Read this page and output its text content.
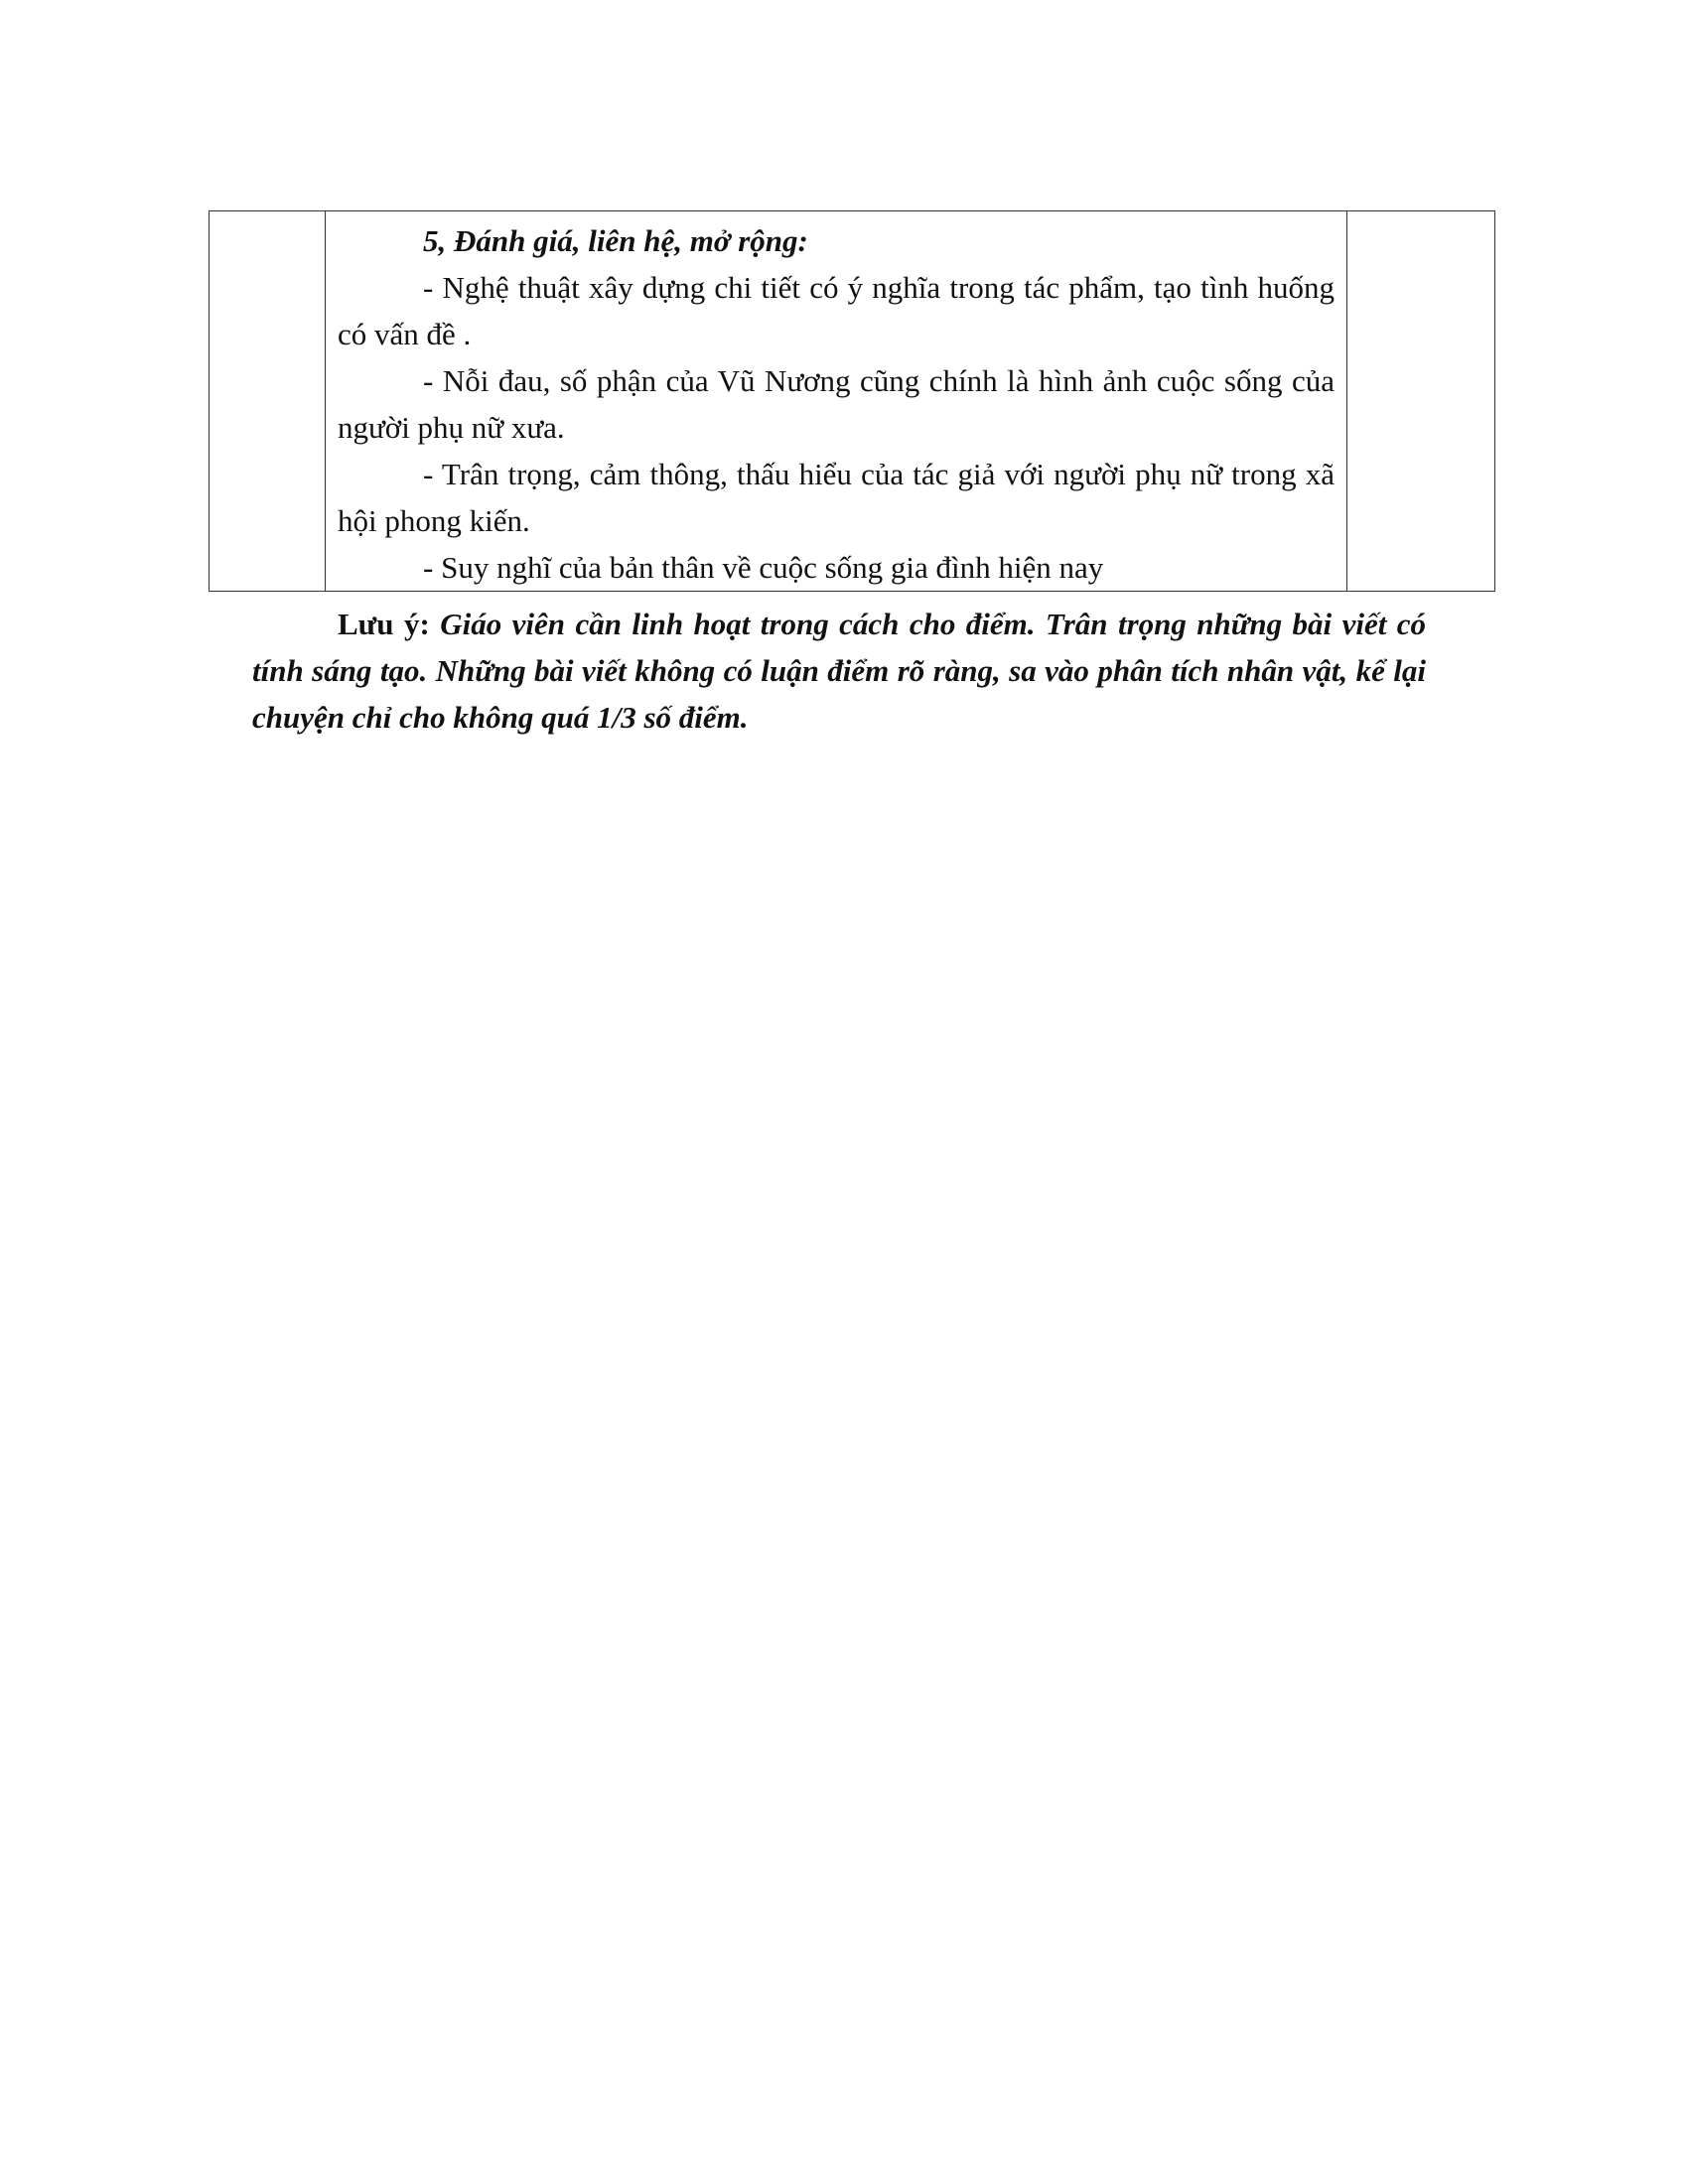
5, Đánh giá, liên hệ, mở rộng:

- Nghệ thuật xây dựng chi tiết có ý nghĩa trong tác phẩm, tạo tình huống có vấn đề .

- Nỗi đau, số phận của Vũ Nương cũng chính là hình ảnh cuộc sống của người phụ nữ xưa.

- Trân trọng, cảm thông, thấu hiểu của tác giả với người phụ nữ trong xã hội phong kiến.

- Suy nghĩ của bản thân về cuộc sống gia đình hiện nay

Lưu ý: Giáo viên cần linh hoạt trong cách cho điểm. Trân trọng những bài viết có tính sáng tạo. Những bài viết không có luận điểm rõ ràng, sa vào phân tích nhân vật, kể lại chuyện chỉ cho không quá 1/3 số điểm.
